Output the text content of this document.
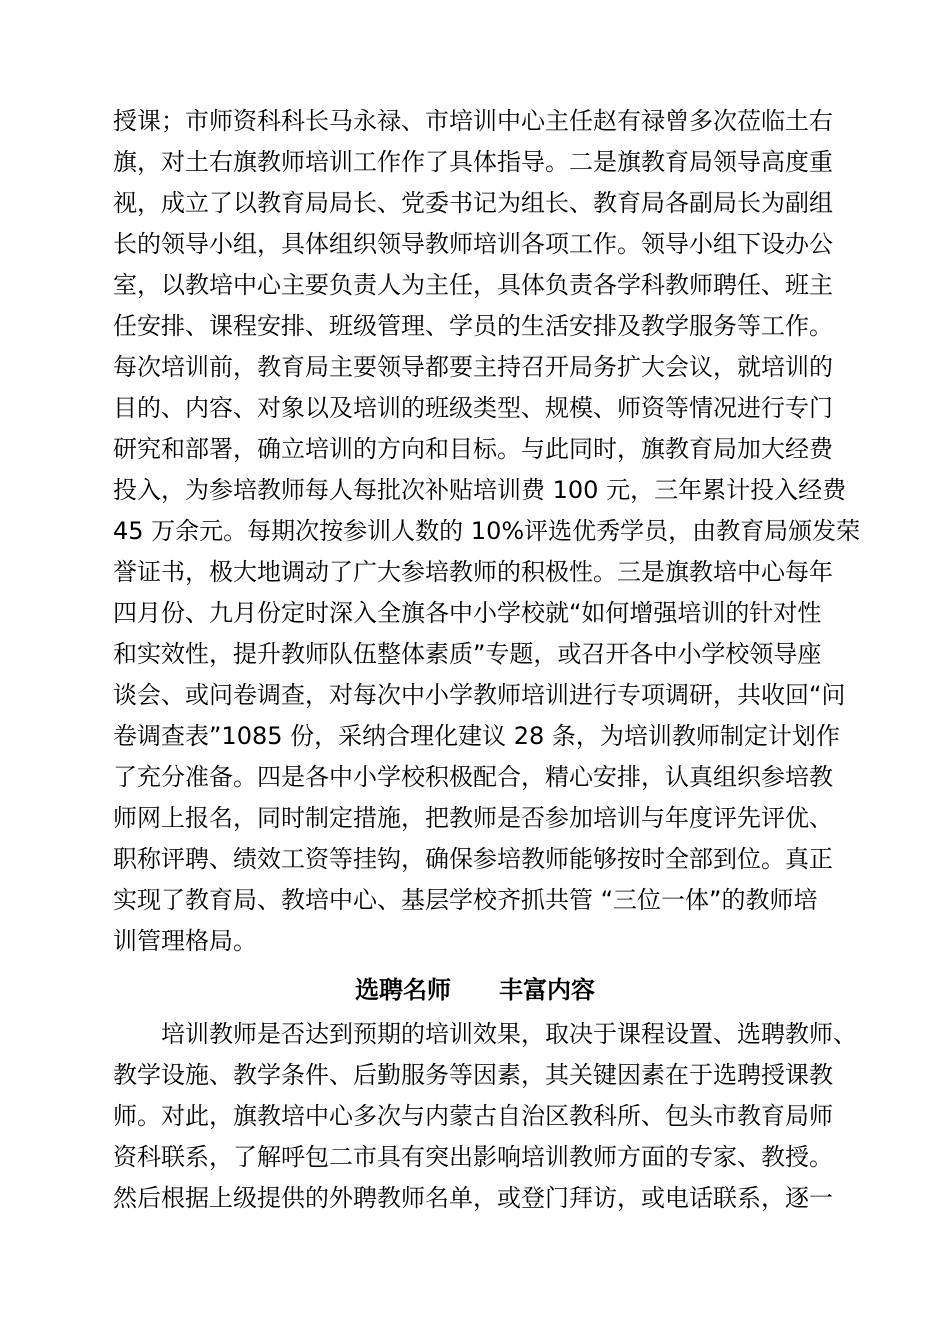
授课；市师资科科长马永禄、市培训中心主任赵有禄曾多次莅临土右
旗，对土右旗教师培训工作作了具体指导。二是旗教育局领导高度重
视，成立了以教育局局长、党委书记为组长、教育局各副局长为副组
长的领导小组，具体组织领导教师培训各项工作。领导小组下设办公
室，以教培中心主要负责人为主任，具体负责各学科教师聘任、班主
任安排、课程安排、班级管理、学员的生活安排及教学服务等工作。
每次培训前，教育局主要领导都要主持召开局务扩大会议，就培训的
目的、内容、对象以及培训的班级类型、规模、师资等情况进行专门
研究和部署，确立培训的方向和目标。与此同时，旗教育局加大经费
投入，为参培教师每人每批次补贴培训费 100 元，三年累计投入经费
45 万余元。每期次按参训人数的 10%评选优秀学员，由教育局颁发荣
誉证书，极大地调动了广大参培教师的积极性。三是旗教培中心每年
四月份、九月份定时深入全旗各中小学校就“如何增强培训的针对性
和实效性，提升教师队伍整体素质”专题，或召开各中小学校领导座
谈会、或问卷调查，对每次中小学教师培训进行专项调研，共收回“问
卷调查表”1085 份，采纳合理化建议 28 条，为培训教师制定计划作
了充分准备。四是各中小学校积极配合，精心安排，认真组织参培教
师网上报名，同时制定措施，把教师是否参加培训与年度评先评优、
职称评聘、绩效工资等挂钩，确保参培教师能够按时全部到位。真正
实现了教育局、教培中心、基层学校齐抓共管 “三位一体”的教师培
训管理格局。
选聘名师　　丰富内容
　　培训教师是否达到预期的培训效果，取决于课程设置、选聘教师、
教学设施、教学条件、后勤服务等因素，其关键因素在于选聘授课教
师。对此，旗教培中心多次与内蒙古自治区教科所、包头市教育局师
资科联系，了解呼包二市具有突出影响培训教师方面的专家、教授。
然后根据上级提供的外聘教师名单，或登门拜访，或电话联系，逐一
